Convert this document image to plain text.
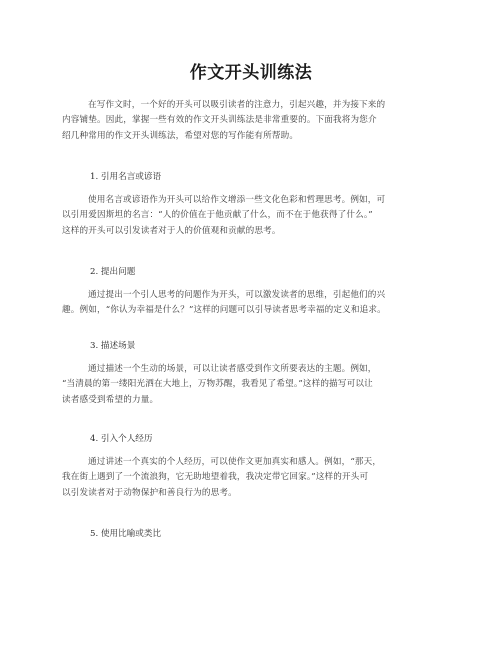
作文开头训练法
在写作文时，一个好的开头可以吸引读者的注意力，引起兴趣，并为接下来的
内容铺垫。因此，掌握一些有效的作文开头训练法是非常重要的。下面我将为您介
绍几种常用的作文开头训练法，希望对您的写作能有所帮助。
1. 引用名言或谚语
使用名言或谚语作为开头可以给作文增添一些文化色彩和哲理思考。例如，可
以引用爱因斯坦的名言：“人的价值在于他贡献了什么，而不在于他获得了什么。”
这样的开头可以引发读者对于人的价值观和贡献的思考。
2. 提出问题
通过提出一个引人思考的问题作为开头，可以激发读者的思维，引起他们的兴
趣。例如，“你认为幸福是什么？”这样的问题可以引导读者思考幸福的定义和追求。
3. 描述场景
通过描述一个生动的场景，可以让读者感受到作文所要表达的主题。例如，
“当清晨的第一缕阳光洒在大地上，万物苏醒，我看见了希望。”这样的描写可以让
读者感受到希望的力量。
4. 引入个人经历
通过讲述一个真实的个人经历，可以使作文更加真实和感人。例如，“那天，
我在街上遇到了一个流浪狗，它无助地望着我，我决定带它回家。”这样的开头可
以引发读者对于动物保护和善良行为的思考。
5. 使用比喻或类比
